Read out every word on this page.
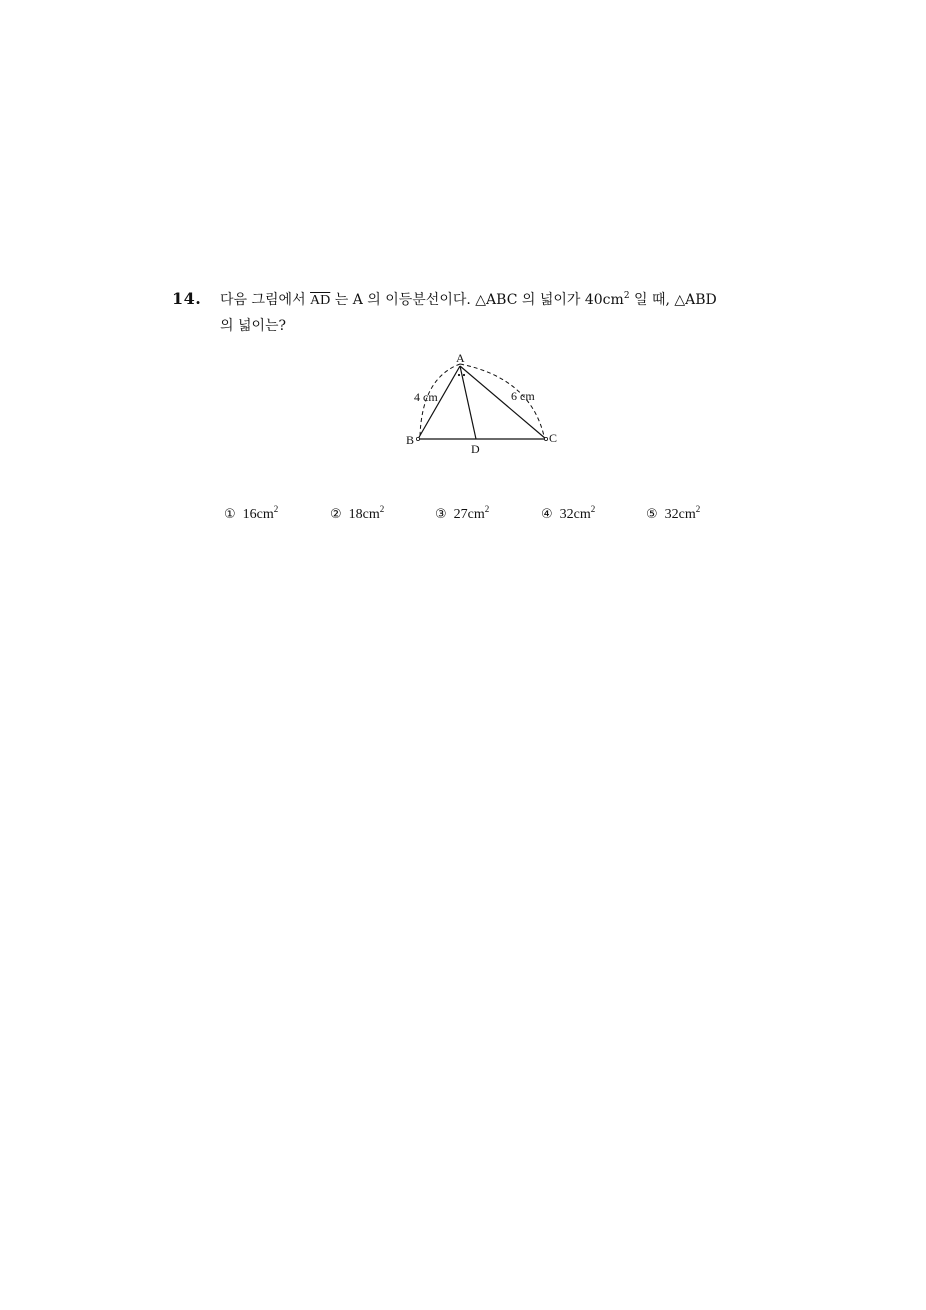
14. 다음 그림에서 $\overline{AD}$ 는 A 의 이등분선이다. △ABC 의 넓이가 $40cm^2$ 일 때, △ABD
의 넓이는?
A
B	C
D
4 cm	6 cm
① $16cm^2$	② $18cm^2$	③ $27cm^2$	④ $32cm^2$	⑤ $32cm^2$
